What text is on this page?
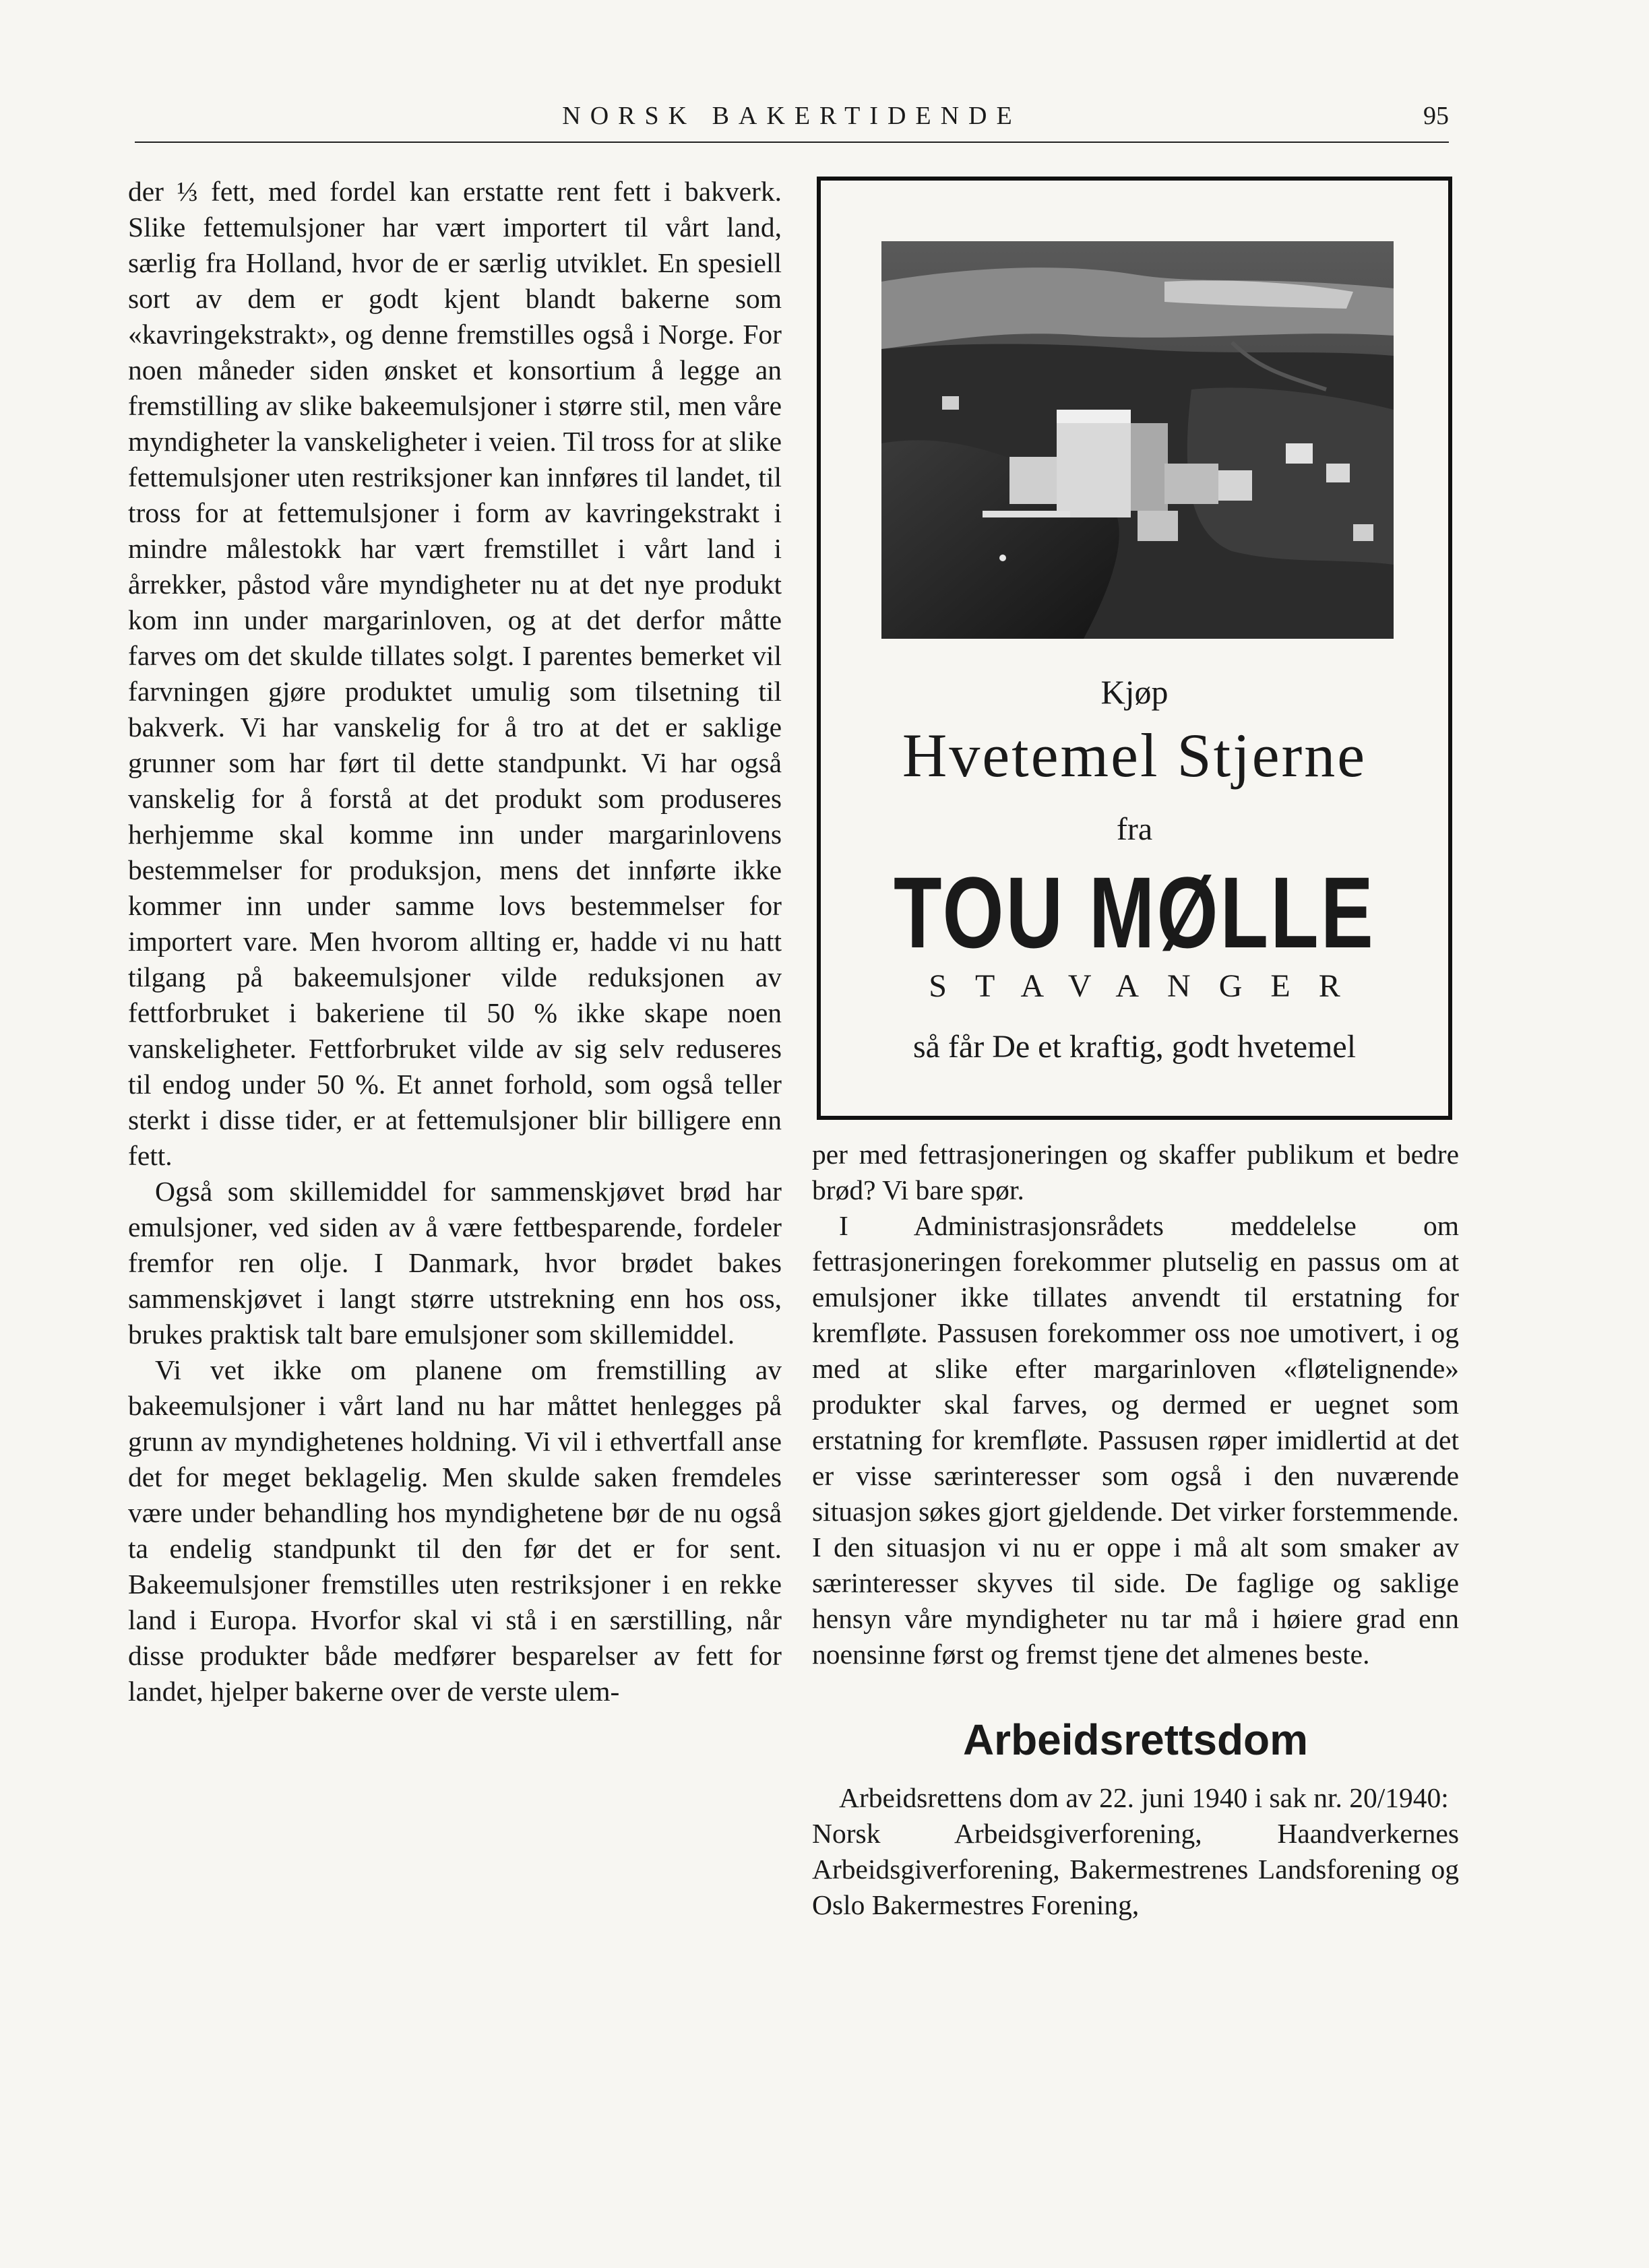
NORSK BAKERTIDENDE	95

der ⅓ fett, med fordel kan erstatte rent fett i bakverk. Slike fettemulsjoner har vært importert til vårt land, særlig fra Holland, hvor de er særlig utviklet. En spesiell sort av dem er godt kjent blandt bakerne som «kavringekstrakt», og denne fremstilles også i Norge. For noen måneder siden ønsket et konsortium å legge an fremstilling av slike bakeemulsjoner i større stil, men våre myndigheter la vanskeligheter i veien. Til tross for at slike fettemulsjoner uten restriksjoner kan innføres til landet, til tross for at fettemulsjoner i form av kavringekstrakt i mindre målestokk har vært fremstillet i vårt land i årrekker, påstod våre myndigheter nu at det nye produkt kom inn under margarinloven, og at det derfor måtte farves om det skulde tillates solgt. I parentes bemerket vil farvningen gjøre produktet umulig som tilsetning til bakverk. Vi har vanskelig for å tro at det er saklige grunner som har ført til dette standpunkt. Vi har også vanskelig for å forstå at det produkt som produseres herhjemme skal komme inn under margarinlovens bestemmelser for produksjon, mens det innførte ikke kommer inn under samme lovs bestemmelser for importert vare. Men hvorom allting er, hadde vi nu hatt tilgang på bakeemulsjoner vilde reduksjonen av fettforbruket i bakeriene til 50 % ikke skape noen vanskeligheter. Fettforbruket vilde av sig selv reduseres til endog under 50 %. Et annet forhold, som også teller sterkt i disse tider, er at fettemulsjoner blir billigere enn fett.

Også som skillemiddel for sammenskjøvet brød har emulsjoner, ved siden av å være fettbesparende, fordeler fremfor ren olje. I Danmark, hvor brødet bakes sammenskjøvet i langt større utstrekning enn hos oss, brukes praktisk talt bare emulsjoner som skillemiddel.

Vi vet ikke om planene om fremstilling av bakeemulsjoner i vårt land nu har måttet henlegges på grunn av myndighetenes holdning. Vi vil i ethvertfall anse det for meget beklagelig. Men skulde saken fremdeles være under behandling hos myndighetene bør de nu også ta endelig standpunkt til den før det er for sent. Bakeemulsjoner fremstilles uten restriksjoner i en rekke land i Europa. Hvorfor skal vi stå i en særstilling, når disse produkter både medfører besparelser av fett for landet, hjelper bakerne over de verste ulem-

Kjøp
Hvetemel Stjerne
fra
TOU MØLLE
STAVANGER
så får De et kraftig, godt hvetemel

per med fettrasjoneringen og skaffer publikum et bedre brød? Vi bare spør.

I Administrasjonsrådets meddelelse om fettrasjoneringen forekommer plutselig en passus om at emulsjoner ikke tillates anvendt til erstatning for kremfløte. Passusen forekommer oss noe umotivert, i og med at slike efter margarinloven «fløtelignende» produkter skal farves, og dermed er uegnet som erstatning for kremfløte. Passusen røper imidlertid at det er visse særinteresser som også i den nuværende situasjon søkes gjort gjeldende. Det virker forstemmende. I den situasjon vi nu er oppe i må alt som smaker av særinteresser skyves til side. De faglige og saklige hensyn våre myndigheter nu tar må i høiere grad enn noensinne først og fremst tjene det almenes beste.

Arbeidsrettsdom

Arbeidsrettens dom av 22. juni 1940 i sak nr. 20/1940:

Norsk Arbeidsgiverforening, Haandverkernes Arbeidsgiverforening, Bakermestrenes Landsforening og Oslo Bakermestres Forening,
